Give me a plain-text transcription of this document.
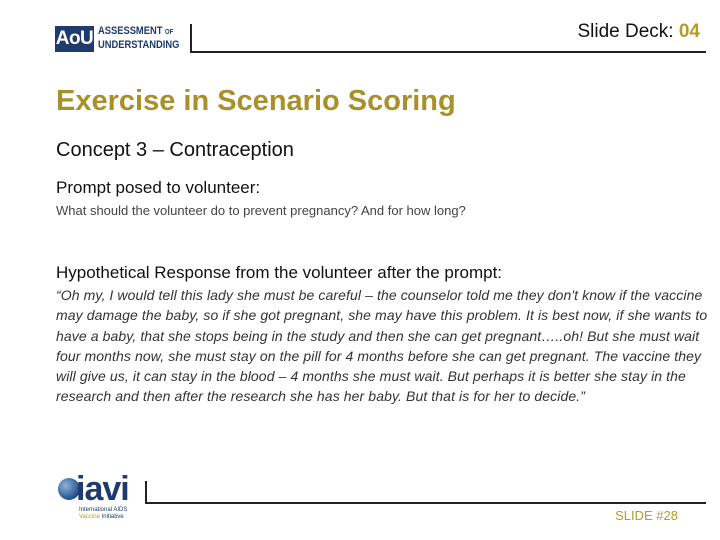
AoU ASSESSMENT OF
UNDERSTANDING
Slide Deck: 04
Exercise in Scenario Scoring
Concept 3 – Contraception
Prompt posed to volunteer:
What should the volunteer do to prevent pregnancy? And for how long?
Hypothetical Response from the volunteer after the prompt:
“Oh my, I would tell this lady she must be careful – the counselor told me they don't know if the vaccine may damage the baby, so if she got pregnant, she may have this problem. It is best now, if she wants to have a baby, that she stops being in the study and then she can get pregnant…..oh! But she must wait four months now, she must stay on the pill for 4 months before she can get pregnant. The vaccine they will give us, it can stay in the blood – 4 months she must wait. But perhaps it is better she stay in the research and then after the research she has her baby. But that is for her to decide.”
iavi
International AIDS
Vaccine Initiative	SLIDE #28
